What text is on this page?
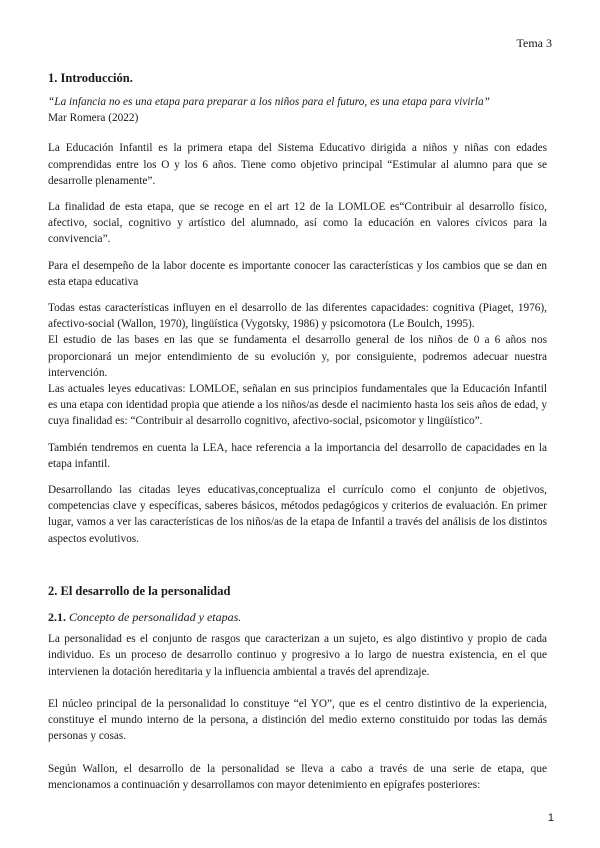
Tema 3

1. Introducción.

“La infancia no es una etapa para preparar a los niños para el futuro, es una etapa para vivirla”

Mar Romera (2022)

La Educación Infantil es la primera etapa del Sistema Educativo dirigida a niños y niñas con edades comprendidas entre los O y los 6 años. Tiene como objetivo principal “Estimular al alumno para que se desarrolle plenamente”.

La finalidad de esta etapa, que se recoge en el art 12 de la LOMLOE es“Contribuir al desarrollo físico, afectivo, social, cognitivo y artístico del alumnado, así como la educación en valores cívicos para la convivencia”.

Para el desempeño de la labor docente es importante conocer las características y los cambios que se dan en esta etapa educativa

Todas estas características influyen en el desarrollo de las diferentes capacidades: cognitiva (Piaget, 1976), afectivo-social (Wallon, 1970), lingüística (Vygotsky, 1986) y psicomotora (Le Boulch, 1995).

El estudio de las bases en las que se fundamenta el desarrollo general de los niños de 0 a 6 años nos proporcionará un mejor entendimiento de su evolución y, por consiguiente, podremos adecuar nuestra intervención.

Las actuales leyes educativas: LOMLOE, señalan en sus principios fundamentales que la Educación Infantil es una etapa con identidad propia que atiende a los niños/as desde el nacimiento hasta los seis años de edad, y cuya finalidad es: “Contribuir al desarrollo cognitivo, afectivo-social, psicomotor y lingüístico”.

También tendremos en cuenta la LEA, hace referencia a la importancia del desarrollo de capacidades en la etapa infantil.

Desarrollando las citadas leyes educativas,conceptualiza el currículo como el conjunto de objetivos, competencias clave y específicas, saberes básicos, métodos pedagógicos y criterios de evaluación. En primer lugar, vamos a ver las características de los niños/as de la etapa de Infantil a través del análisis de los distintos aspectos evolutivos.

2. El desarrollo de la personalidad

2.1. Concepto de personalidad y etapas.

La personalidad es el conjunto de rasgos que caracterizan a un sujeto, es algo distintivo y propio de cada individuo. Es un proceso de desarrollo continuo y progresivo a lo largo de nuestra existencia, en el que intervienen la dotación hereditaria y la influencia ambiental a través del aprendizaje.

El núcleo principal de la personalidad lo constituye “el YO”, que es el centro distintivo de la experiencia, constituye el mundo interno de la persona, a distinción del medio externo constituido por todas las demás personas y cosas.

Según Wallon, el desarrollo de la personalidad se lleva a cabo a través de una serie de etapa, que mencionamos a continuación y desarrollamos con mayor detenimiento en epígrafes posteriores:

1
